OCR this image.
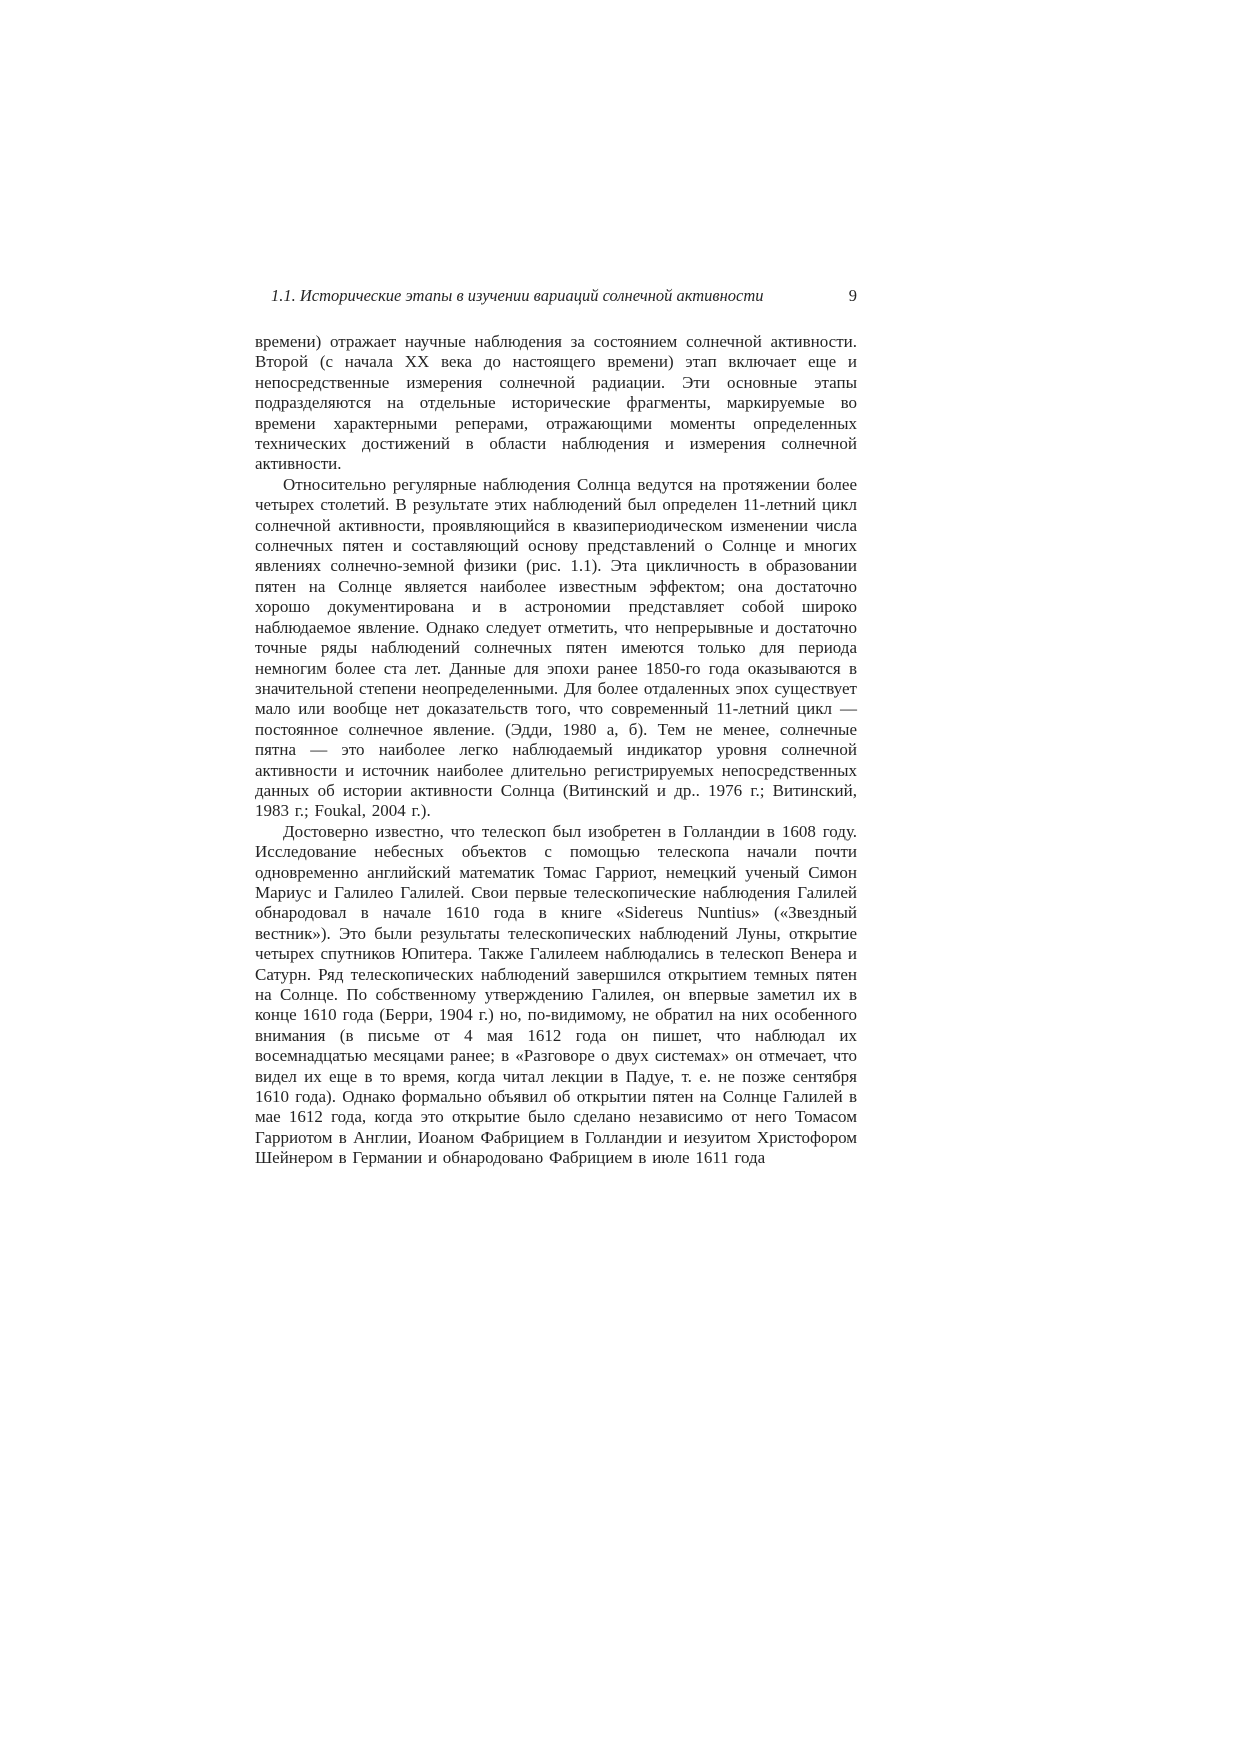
1.1. Исторические этапы в изучении вариаций солнечной активности	9

времени) отражает научные наблюдения за состоянием солнечной активности. Второй (с начала XX века до настоящего времени) этап включает еще и непосредственные измерения солнечной радиации. Эти основные этапы подразделяются на отдельные исторические фрагменты, маркируемые во времени характерными реперами, отражающими моменты определенных технических достижений в области наблюдения и измерения солнечной активности.

Относительно регулярные наблюдения Солнца ведутся на протяжении более четырех столетий. В результате этих наблюдений был определен 11-летний цикл солнечной активности, проявляющийся в квазипериодическом изменении числа солнечных пятен и составляющий основу представлений о Солнце и многих явлениях солнечно-земной физики (рис. 1.1). Эта цикличность в образовании пятен на Солнце является наиболее известным эффектом; она достаточно хорошо документирована и в астрономии представляет собой широко наблюдаемое явление. Однако следует отметить, что непрерывные и достаточно точные ряды наблюдений солнечных пятен имеются только для периода немногим более ста лет. Данные для эпохи ранее 1850-го года оказываются в значительной степени неопределенными. Для более отдаленных эпох существует мало или вообще нет доказательств того, что современный 11-летний цикл — постоянное солнечное явление. (Эдди, 1980 а, б). Тем не менее, солнечные пятна — это наиболее легко наблюдаемый индикатор уровня солнечной активности и источник наиболее длительно регистрируемых непосредственных данных об истории активности Солнца (Витинский и др.. 1976 г.; Витинский, 1983 г.; Foukal, 2004 г.).

Достоверно известно, что телескоп был изобретен в Голландии в 1608 году. Исследование небесных объектов с помощью телескопа начали почти одновременно английский математик Томас Гарриот, немецкий ученый Симон Мариус и Галилео Галилей. Свои первые телескопические наблюдения Галилей обнародовал в начале 1610 года в книге «Sidereus Nuntius» («Звездный вестник»). Это были результаты телескопических наблюдений Луны, открытие четырех спутников Юпитера. Также Галилеем наблюдались в телескоп Венера и Сатурн. Ряд телескопических наблюдений завершился открытием темных пятен на Солнце. По собственному утверждению Галилея, он впервые заметил их в конце 1610 года (Берри, 1904 г.) но, по-видимому, не обратил на них особенного внимания (в письме от 4 мая 1612 года он пишет, что наблюдал их восемнадцатью месяцами ранее; в «Разговоре о двух системах» он отмечает, что видел их еще в то время, когда читал лекции в Падуе, т. е. не позже сентября 1610 года). Однако формально объявил об открытии пятен на Солнце Галилей в мае 1612 года, когда это открытие было сделано независимо от него Томасом Гарриотом в Англии, Иоаном Фабрицием в Голландии и иезуитом Христофором Шейнером в Германии и обнародовано Фабрицием в июле 1611 года
